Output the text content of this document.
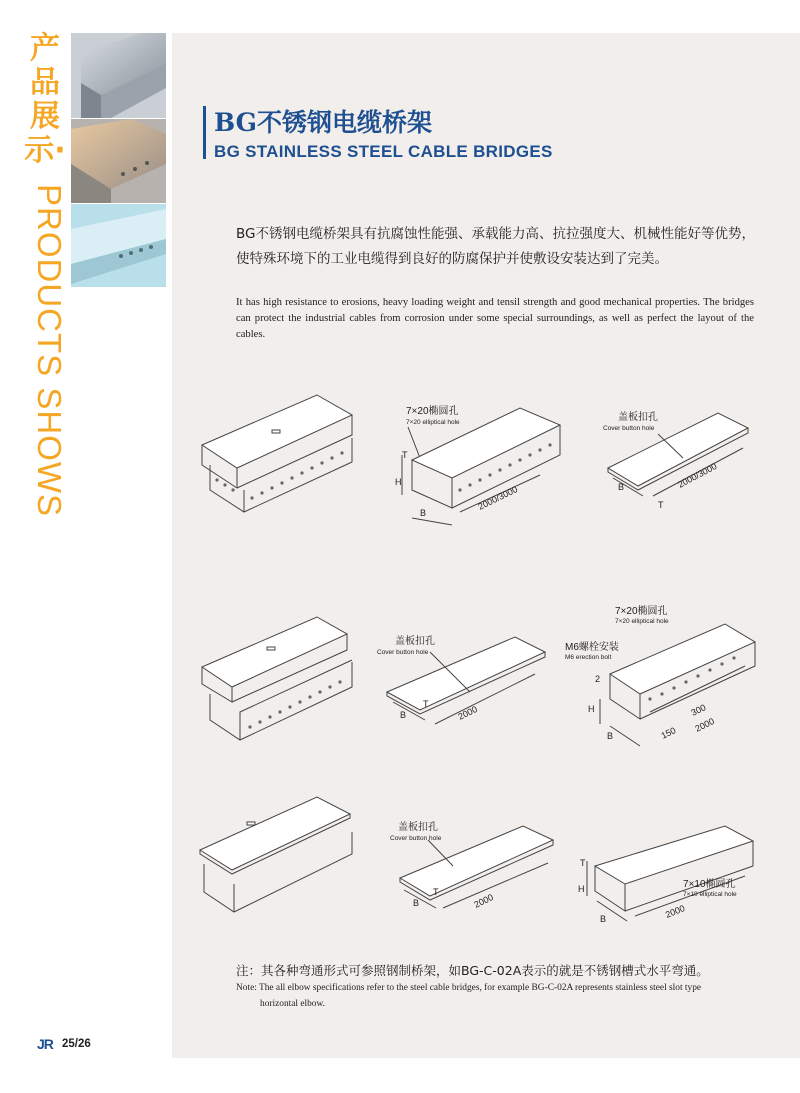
产品展示·
PRODUCTS SHOWS
BG不锈钢电缆桥架
BG STAINLESS STEEL CABLE BRIDGES
BG不锈钢电缆桥架具有抗腐蚀性能强、承载能力高、抗拉强度大、机械性能好等优势，使特殊环境下的工业电缆得到良好的防腐保护并使敷设安装达到了完美。
It has high resistance to erosions, heavy loading weight and tensil strength and good mechanical properties. The bridges can protect the industrial cables from corrosion under some special surroundings, as well as perfect the layout of the cables.
7×20椭圆孔
7×20 elliptical hole
T
H
B
2000/3000
盖板扣孔
Cover button hole
B
T
2000/3000
盖板扣孔
Cover button hole
B
T
2000
7×20椭圆孔
7×20 elliptical hole
M6螺栓安装
M6 erection bolt
2
H
B
300
150 2000
盖板扣孔
Cover button hole
B
T
2000
7×10椭圆孔
7×10 elliptical hole
T
H
B	2000
注：其各种弯通形式可参照钢制桥架，如BG-C-02A表示的就是不锈钢槽式水平弯通。
Note: The all elbow specifications refer to the steel cable bridges, for example BG-C-02A represents stainless steel slot type
horizontal elbow.
JR 25/26
